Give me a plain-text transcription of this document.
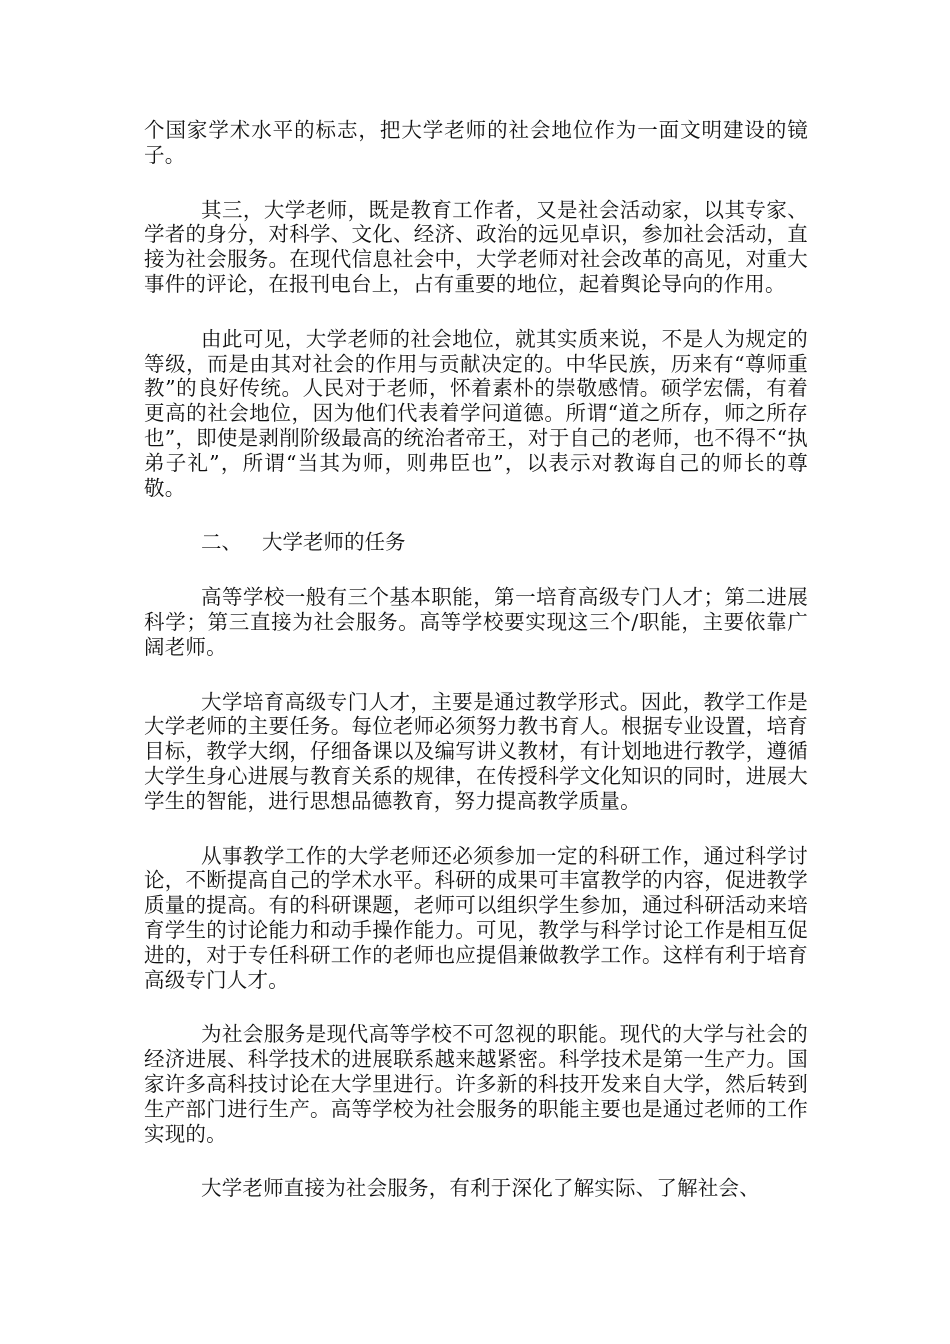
个国家学术水平的标志，把大学老师的社会地位作为一面文明建设的镜子。

其三，大学老师，既是教育工作者，又是社会活动家，以其专家、学者的身分，对科学、文化、经济、政治的远见卓识，参加社会活动，直接为社会服务。在现代信息社会中，大学老师对社会改革的高见，对重大事件的评论，在报刊电台上，占有重要的地位，起着舆论导向的作用。

由此可见，大学老师的社会地位，就其实质来说，不是人为规定的等级，而是由其对社会的作用与贡献决定的。中华民族，历来有“尊师重教”的良好传统。人民对于老师，怀着素朴的崇敬感情。硕学宏儒，有着更高的社会地位，因为他们代表着学问道德。所谓“道之所存，师之所存也”，即使是剥削阶级最高的统治者帝王，对于自己的老师，也不得不“执弟子礼”，所谓“当其为师，则弗臣也”，以表示对教诲自己的师长的尊敬。

二、 大学老师的任务

高等学校一般有三个基本职能，第一培育高级专门人才；第二进展科学；第三直接为社会服务。高等学校要实现这三个/职能，主要依靠广阔老师。

大学培育高级专门人才，主要是通过教学形式。因此，教学工作是大学老师的主要任务。每位老师必须努力教书育人。根据专业设置，培育目标，教学大纲，仔细备课以及编写讲义教材，有计划地进行教学，遵循大学生身心进展与教育关系的规律，在传授科学文化知识的同时，进展大学生的智能，进行思想品德教育，努力提高教学质量。

从事教学工作的大学老师还必须参加一定的科研工作，通过科学讨论，不断提高自己的学术水平。科研的成果可丰富教学的内容，促进教学质量的提高。有的科研课题，老师可以组织学生参加，通过科研活动来培育学生的讨论能力和动手操作能力。可见，教学与科学讨论工作是相互促进的，对于专任科研工作的老师也应提倡兼做教学工作。这样有利于培育高级专门人才。

为社会服务是现代高等学校不可忽视的职能。现代的大学与社会的经济进展、科学技术的进展联系越来越紧密。科学技术是第一生产力。国家许多高科技讨论在大学里进行。许多新的科技开发来自大学，然后转到生产部门进行生产。高等学校为社会服务的职能主要也是通过老师的工作实现的。

大学老师直接为社会服务，有利于深化了解实际、了解社会、
